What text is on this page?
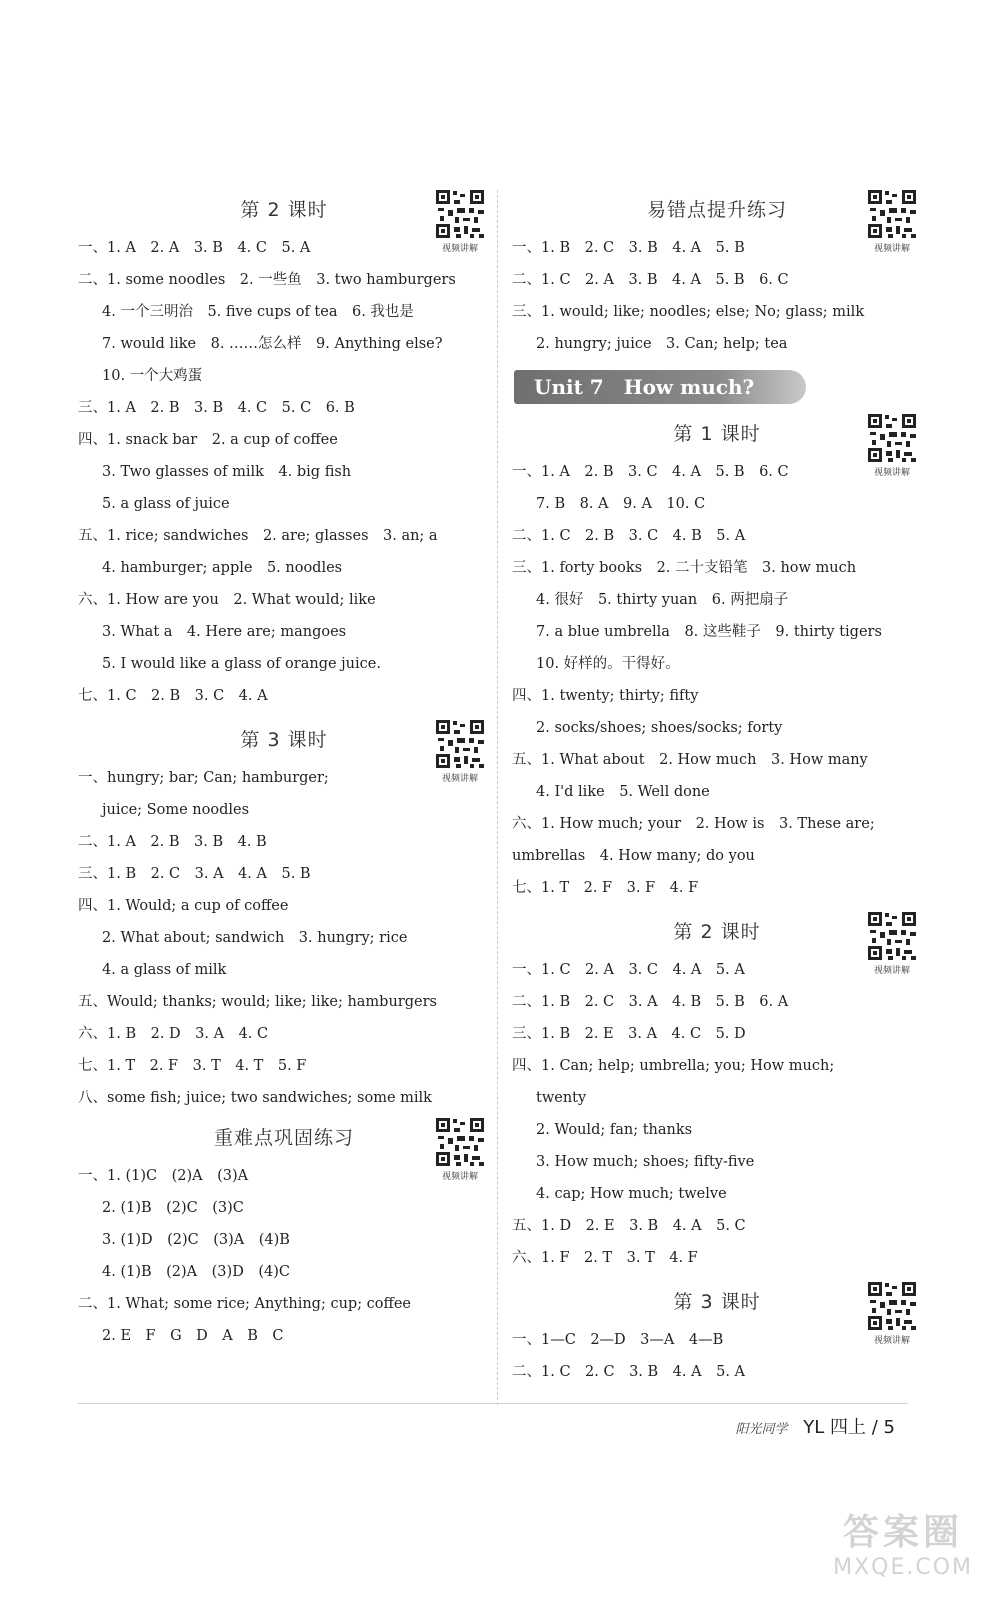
第 2 课时
视频讲解
一、1. A　2. A　3. B　4. C　5. A
二、1. some noodles　2. 一些鱼　3. two hamburgers
4. 一个三明治　5. five cups of tea　6. 我也是
7. would like　8. ……怎么样　9. Anything else?
10. 一个大鸡蛋
三、1. A　2. B　3. B　4. C　5. C　6. B
四、1. snack bar　2. a cup of coffee
3. Two glasses of milk　4. big fish
5. a glass of juice
五、1. rice; sandwiches　2. are; glasses　3. an; a
4. hamburger; apple　5. noodles
六、1. How are you　2. What would; like
3. What a　4. Here are; mangoes
5. I would like a glass of orange juice.
七、1. C　2. B　3. C　4. A
第 3 课时
视频讲解
一、hungry; bar; Can; hamburger;
juice; Some noodles
二、1. A　2. B　3. B　4. B
三、1. B　2. C　3. A　4. A　5. B
四、1. Would; a cup of coffee
2. What about; sandwich　3. hungry; rice
4. a glass of milk
五、Would; thanks; would; like; like; hamburgers
六、1. B　2. D　3. A　4. C
七、1. T　2. F　3. T　4. T　5. F
八、some fish; juice; two sandwiches; some milk
重难点巩固练习
视频讲解
一、1. (1)C　(2)A　(3)A
2. (1)B　(2)C　(3)C
3. (1)D　(2)C　(3)A　(4)B
4. (1)B　(2)A　(3)D　(4)C
二、1. What; some rice; Anything; cup; coffee
2. E　F　G　D　A　B　C
易错点提升练习
视频讲解
一、1. B　2. C　3. B　4. A　5. B
二、1. C　2. A　3. B　4. A　5. B　6. C
三、1. would; like; noodles; else; No; glass; milk
2. hungry; juice　3. Can; help; tea
Unit 7　How much?
第 1 课时
视频讲解
一、1. A　2. B　3. C　4. A　5. B　6. C
7. B　8. A　9. A　10. C
二、1. C　2. B　3. C　4. B　5. A
三、1. forty books　2. 二十支铅笔　3. how much
4. 很好　5. thirty yuan　6. 两把扇子
7. a blue umbrella　8. 这些鞋子　9. thirty tigers
10. 好样的。干得好。
四、1. twenty; thirty; fifty
2. socks/shoes; shoes/socks; forty
五、1. What about　2. How much　3. How many
4. I'd like　5. Well done
六、1. How much; your　2. How is　3. These are;
umbrellas　4. How many; do you
七、1. T　2. F　3. F　4. F
第 2 课时
视频讲解
一、1. C　2. A　3. C　4. A　5. A
二、1. B　2. C　3. A　4. B　5. B　6. A
三、1. B　2. E　3. A　4. C　5. D
四、1. Can; help; umbrella; you; How much;
twenty
2. Would; fan; thanks
3. How much; shoes; fifty-five
4. cap; How much; twelve
五、1. D　2. E　3. B　4. A　5. C
六、1. F　2. T　3. T　4. F
第 3 课时
视频讲解
一、1—C　2—D　3—A　4—B
二、1. C　2. C　3. B　4. A　5. A
阳光同学 YL 四上 / 5
答案圈
MXQE.COM
